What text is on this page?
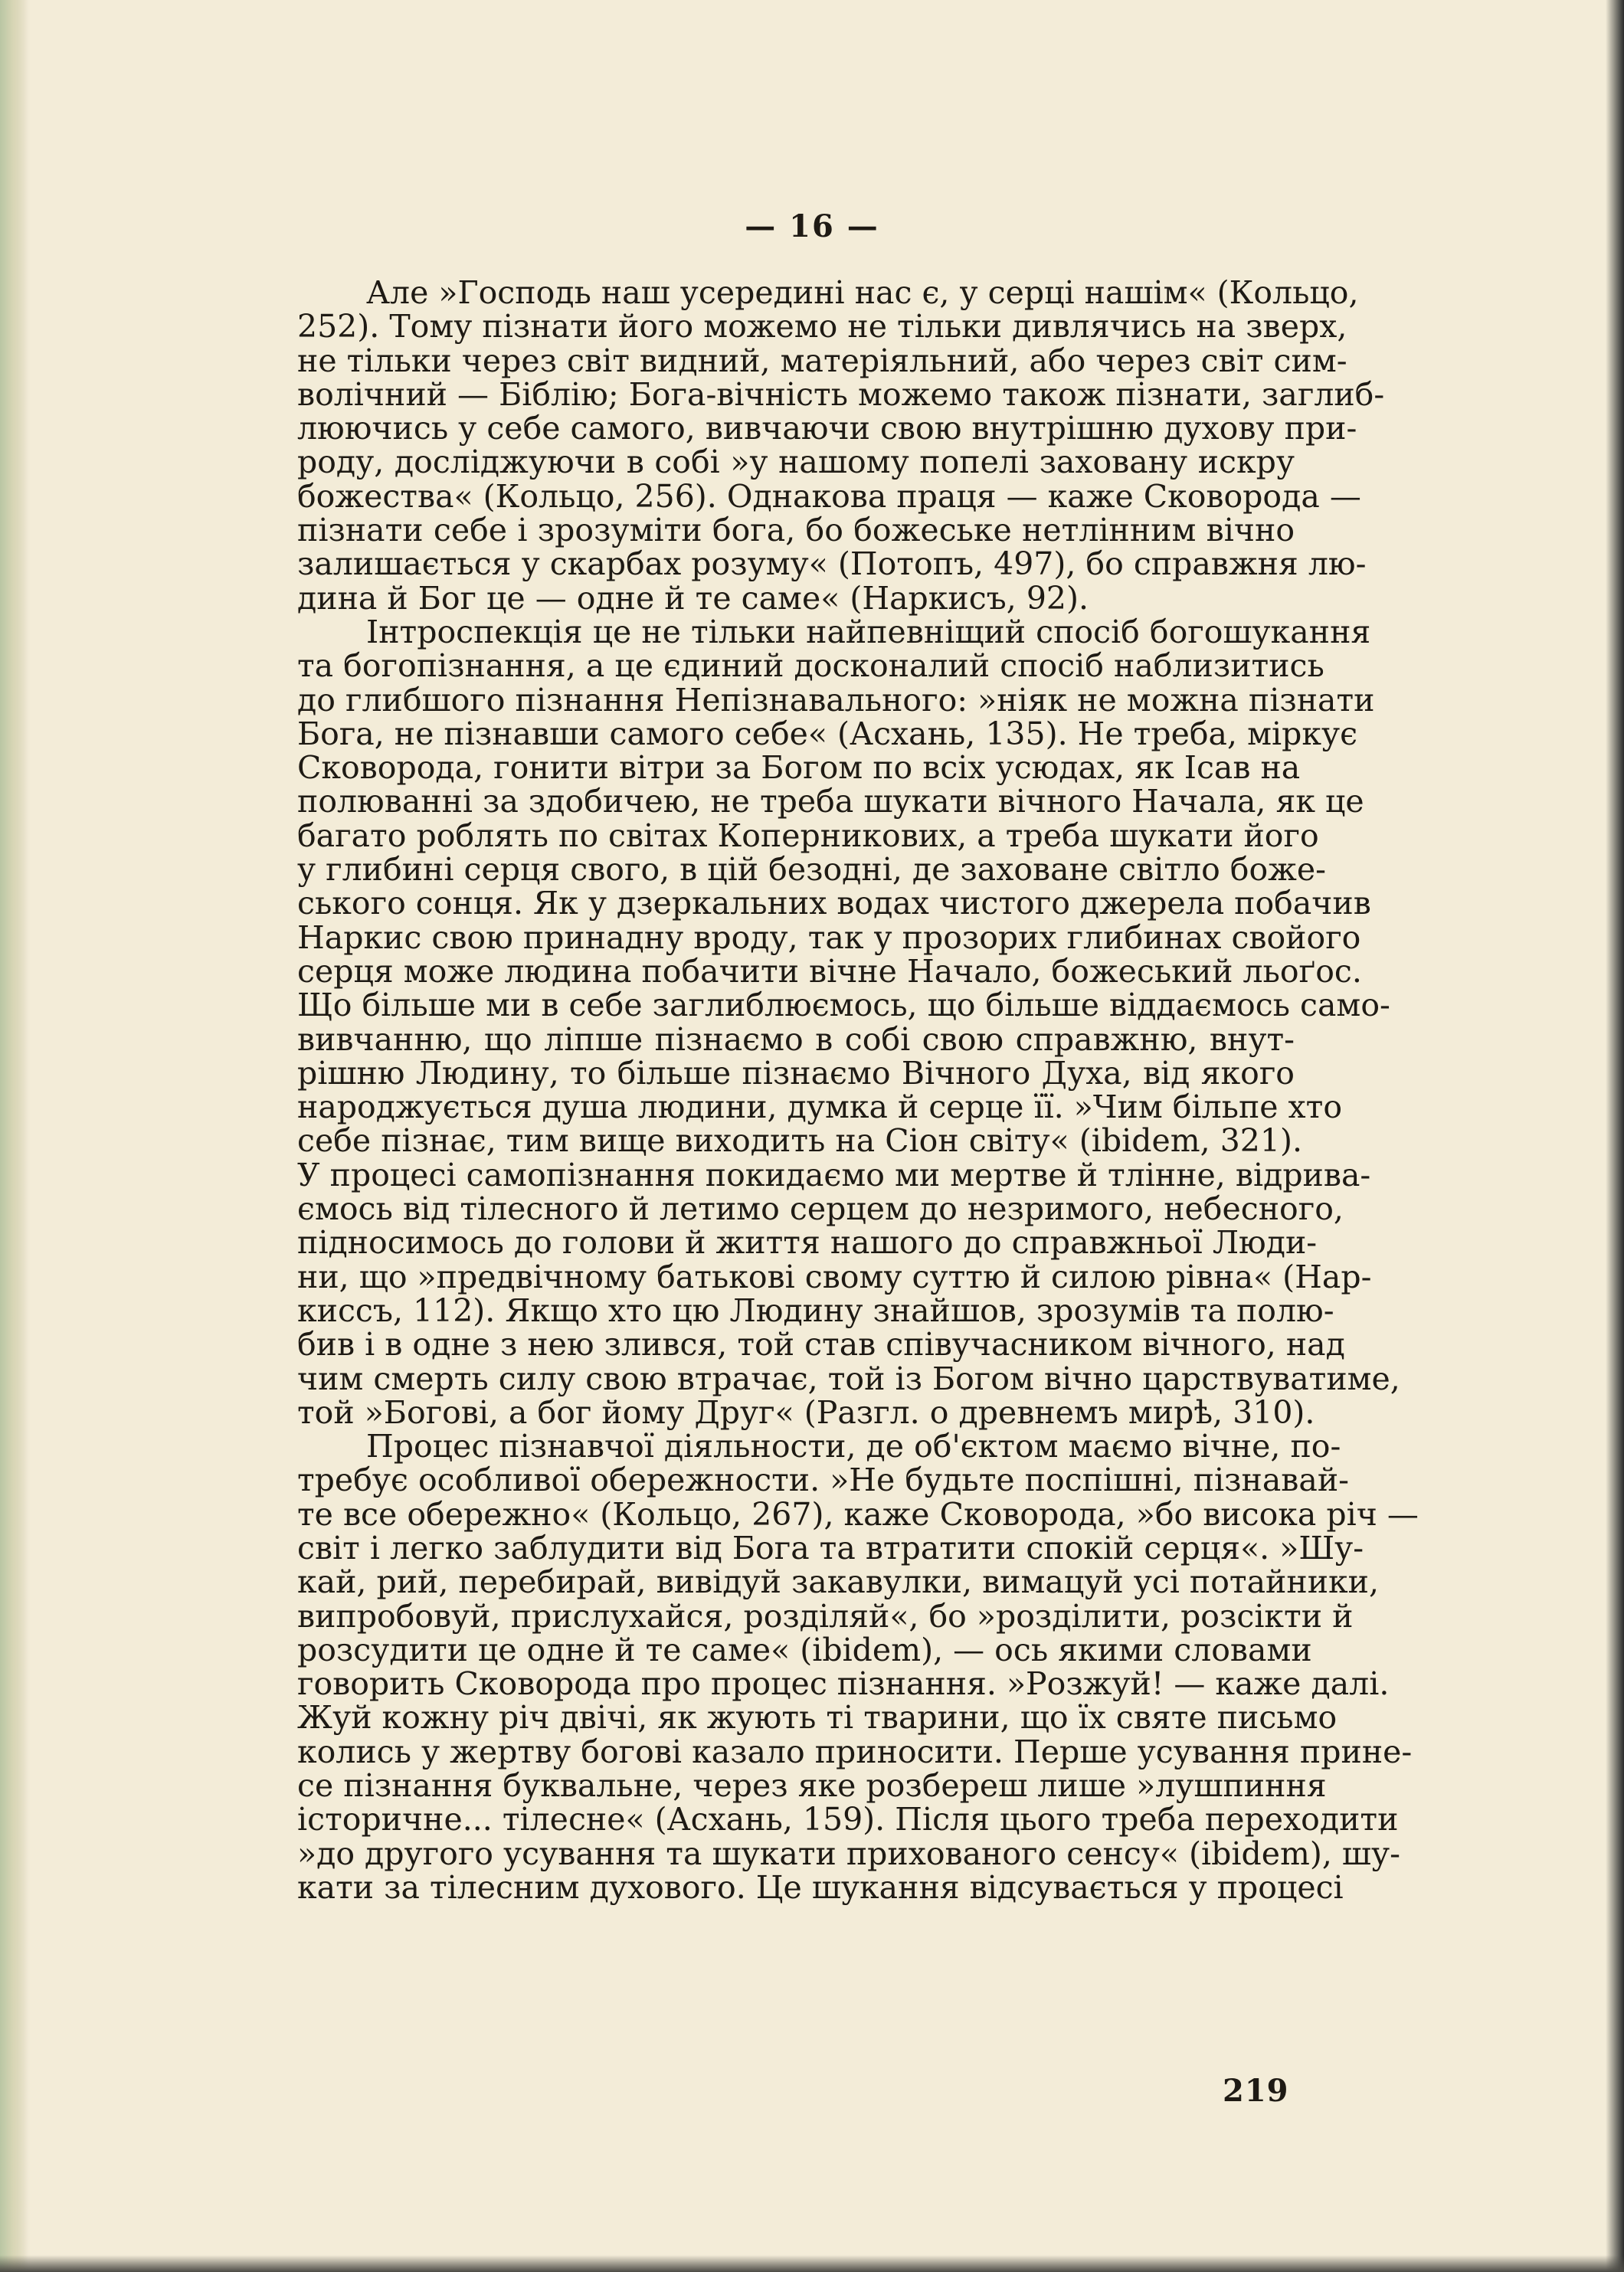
— 16 —
Але »Господь наш усередині нас є, у серці нашім« (Кольцо,
252). Тому пізнати його можемо не тільки дивлячись на зверх,
не тільки через світ видний, матеріяльний, або через світ сим-
волічний — Біблію; Бога-вічність можемо також пізнати, заглиб-
люючись у себе самого, вивчаючи свою внутрішню духову при-
роду, досліджуючи в собі »у нашому попелі заховану искру
божества« (Кольцо, 256). Однакова праця — каже Сковорода —
пізнати себе і зрозуміти бога, бо божеське нетлінним вічно
залишається у скарбах розуму« (Потопъ, 497), бо справжня лю-
дина й Бог це — одне й те саме« (Наркисъ, 92).
Інтроспекція це не тільки найпевніщий спосіб богошукання
та богопізнання, а це єдиний досконалий спосіб наблизитись
до глибшого пізнання Непізнавального: »ніяк не можна пізнати
Бога, не пізнавши самого себе« (Асхань, 135). Не треба, міркує
Сковорода, гонити вітри за Богом по всіх усюдах, як Ісав на
полюванні за здобичею, не треба шукати вічного Начала, як це
багато роблять по світах Коперникових, а треба шукати його
у глибині серця свого, в цій безодні, де заховане світло боже-
ського сонця. Як у дзеркальних водах чистого джерела побачив
Наркис свою принадну вроду, так у прозорих глибинах свойого
серця може людина побачити вічне Начало, божеський льоґос.
Що більше ми в себе заглиблюємось, що більше віддаємось само-
вивчанню, що ліпше пізнаємо в собі свою справжню, внут-
рішню Людину, то більше пізнаємо Вічного Духа, від якого
народжується душа людини, думка й серце її. »Чим більпе хто
себе пізнає, тим вище виходить на Сіон світу« (ibidem, 321).
У процесі самопізнання покидаємо ми мертве й тлінне, відрива-
ємось від тілесного й летимо серцем до незримого, небесного,
підносимось до голови й життя нашого до справжньої Люди-
ни, що »предвічному батькові свому суттю й силою рівна« (Нар-
киссъ, 112). Якщо хто цю Людину знайшов, зрозумів та полю-
бив і в одне з нею злився, той став співучасником вічного, над
чим смерть силу свою втрачає, той із Богом вічно царствуватиме,
той »Богові, а бог йому Друг« (Разгл. о древнемъ мирѣ, 310).
Процес пізнавчої діяльности, де об'єктом маємо вічне, по-
требує особливої обережности. »Не будьте поспішні, пізнавай-
те все обережно« (Кольцо, 267), каже Сковорода, »бо висока річ —
світ і легко заблудити від Бога та втратити спокій серця«. »Шу-
кай, рий, перебирай, вивідуй закавулки, вимацуй усі потайники,
випробовуй, прислухайся, розділяй«, бо »розділити, розсікти й
розсудити це одне й те саме« (ibidem), — ось якими словами
говорить Сковорода про процес пізнання. »Розжуй! — каже далі.
Жуй кожну річ двічі, як жують ті тварини, що їх святе письмо
колись у жертву богові казало приносити. Перше усування прине-
се пізнання буквальне, через яке розбереш лише »лушпиння
історичне... тілесне« (Асхань, 159). Після цього треба переходити
»до другого усування та шукати прихованого сенсу« (ibidem), шу-
кати за тілесним духового. Це шукання відсувається у процесі
219
